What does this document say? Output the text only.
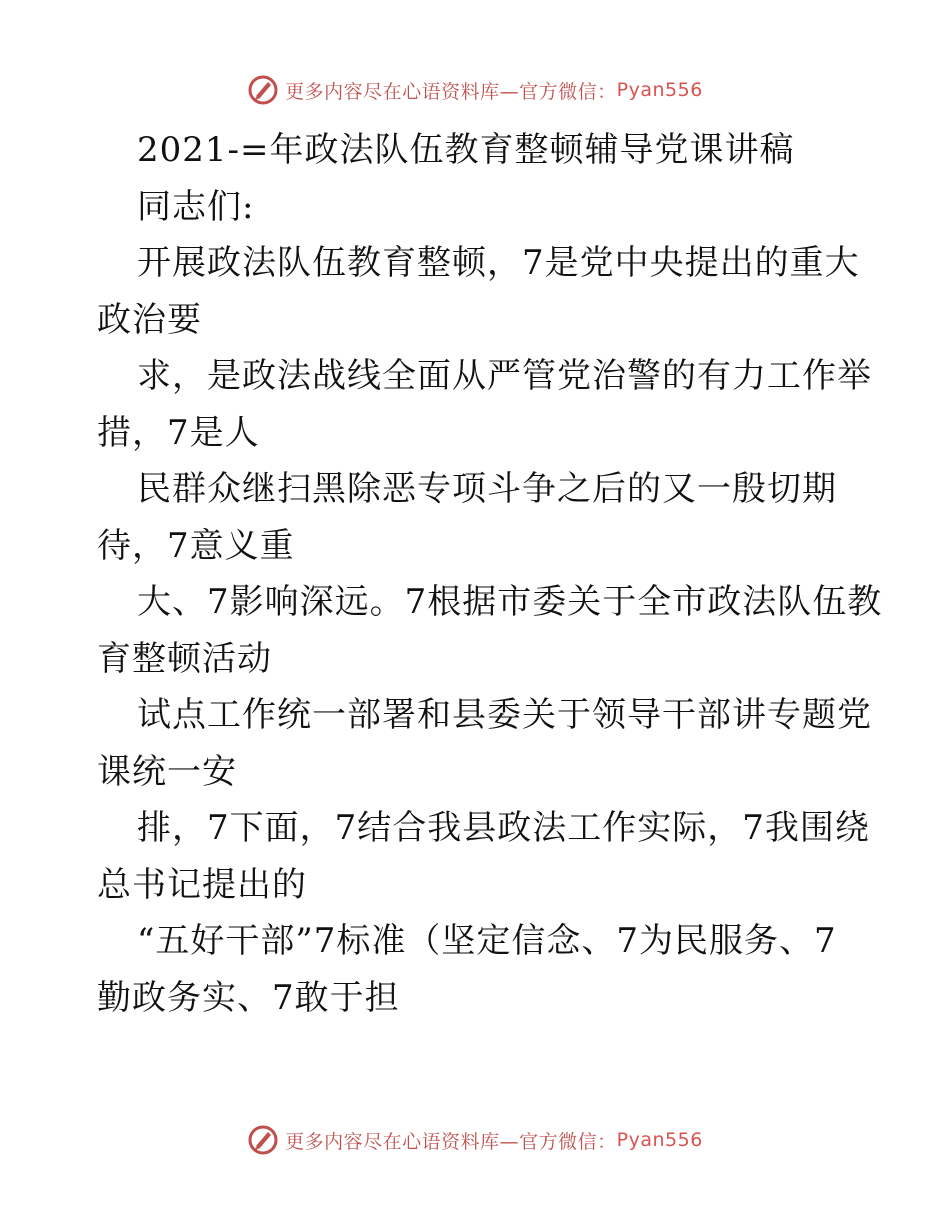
更多内容尽在心语资料库—官方微信： Pyan556
2021-=年政法队伍教育整顿辅导党课讲稿
同志们:
开展政法队伍教育整顿，7是党中央提出的重大
政治要
求，是政法战线全面从严管党治警的有力工作举
措，7是人
民群众继扫黑除恶专项斗争之后的又一殷切期
待，7意义重
大、7影响深远。7根据市委关于全市政法队伍教
育整顿活动
试点工作统一部署和县委关于领导干部讲专题党
课统一安
排，7下面，7结合我县政法工作实际，7我围绕
总书记提出的
“五好干部”7标准（坚定信念、7为民服务、7
勤政务实、7敢于担
更多内容尽在心语资料库—官方微信： Pyan556
